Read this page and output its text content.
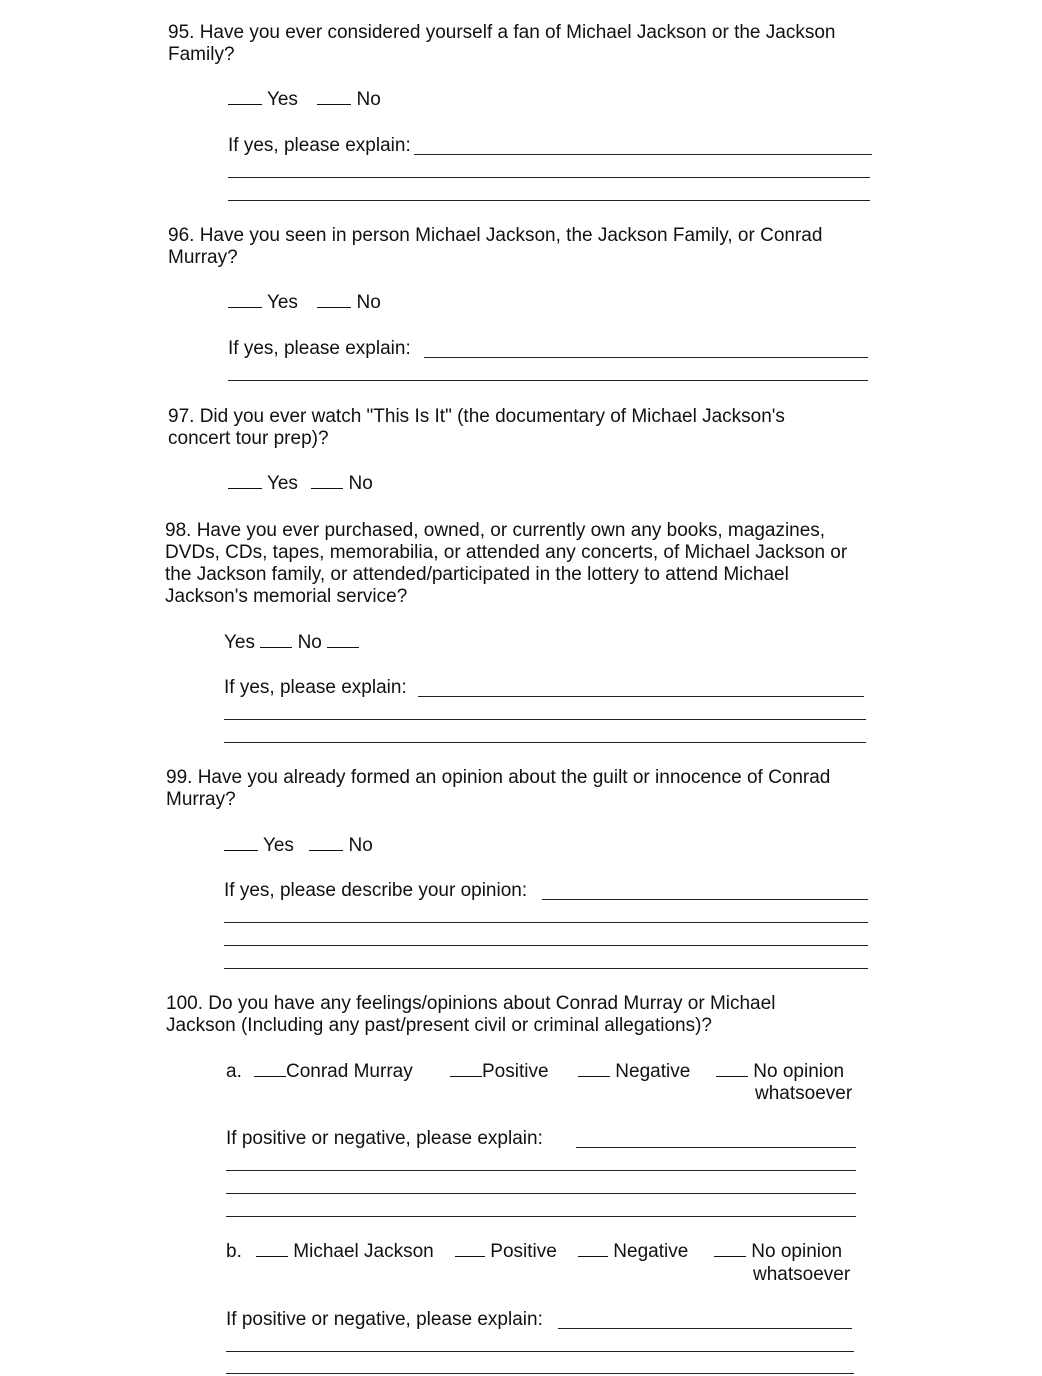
95. Have you ever considered yourself a fan of Michael Jackson or the Jackson
Family?
Yes	No
If yes, please explain:
96. Have you seen in person Michael Jackson, the Jackson Family, or Conrad
Murray?
Yes	No
If yes, please explain:
97. Did you ever watch "This Is It" (the documentary of Michael Jackson's
concert tour prep)?
Yes	No
98. Have you ever purchased, owned, or currently own any books, magazines,
DVDs, CDs, tapes, memorabilia, or attended any concerts, of Michael Jackson or
the Jackson family, or attended/participated in the lottery to attend Michael
Jackson's memorial service?
Yes No
If yes, please explain:
99. Have you already formed an opinion about the guilt or innocence of Conrad
Murray?
Yes	No
If yes, please describe your opinion:
100. Do you have any feelings/opinions about Conrad Murray or Michael
Jackson (Including any past/present civil or criminal allegations)?
a.	Conrad Murray	Positive	Negative	No opinion
whatsoever
If positive or negative, please explain:
b.	Michael Jackson	Positive	Negative	No opinion
whatsoever
If positive or negative, please explain:
